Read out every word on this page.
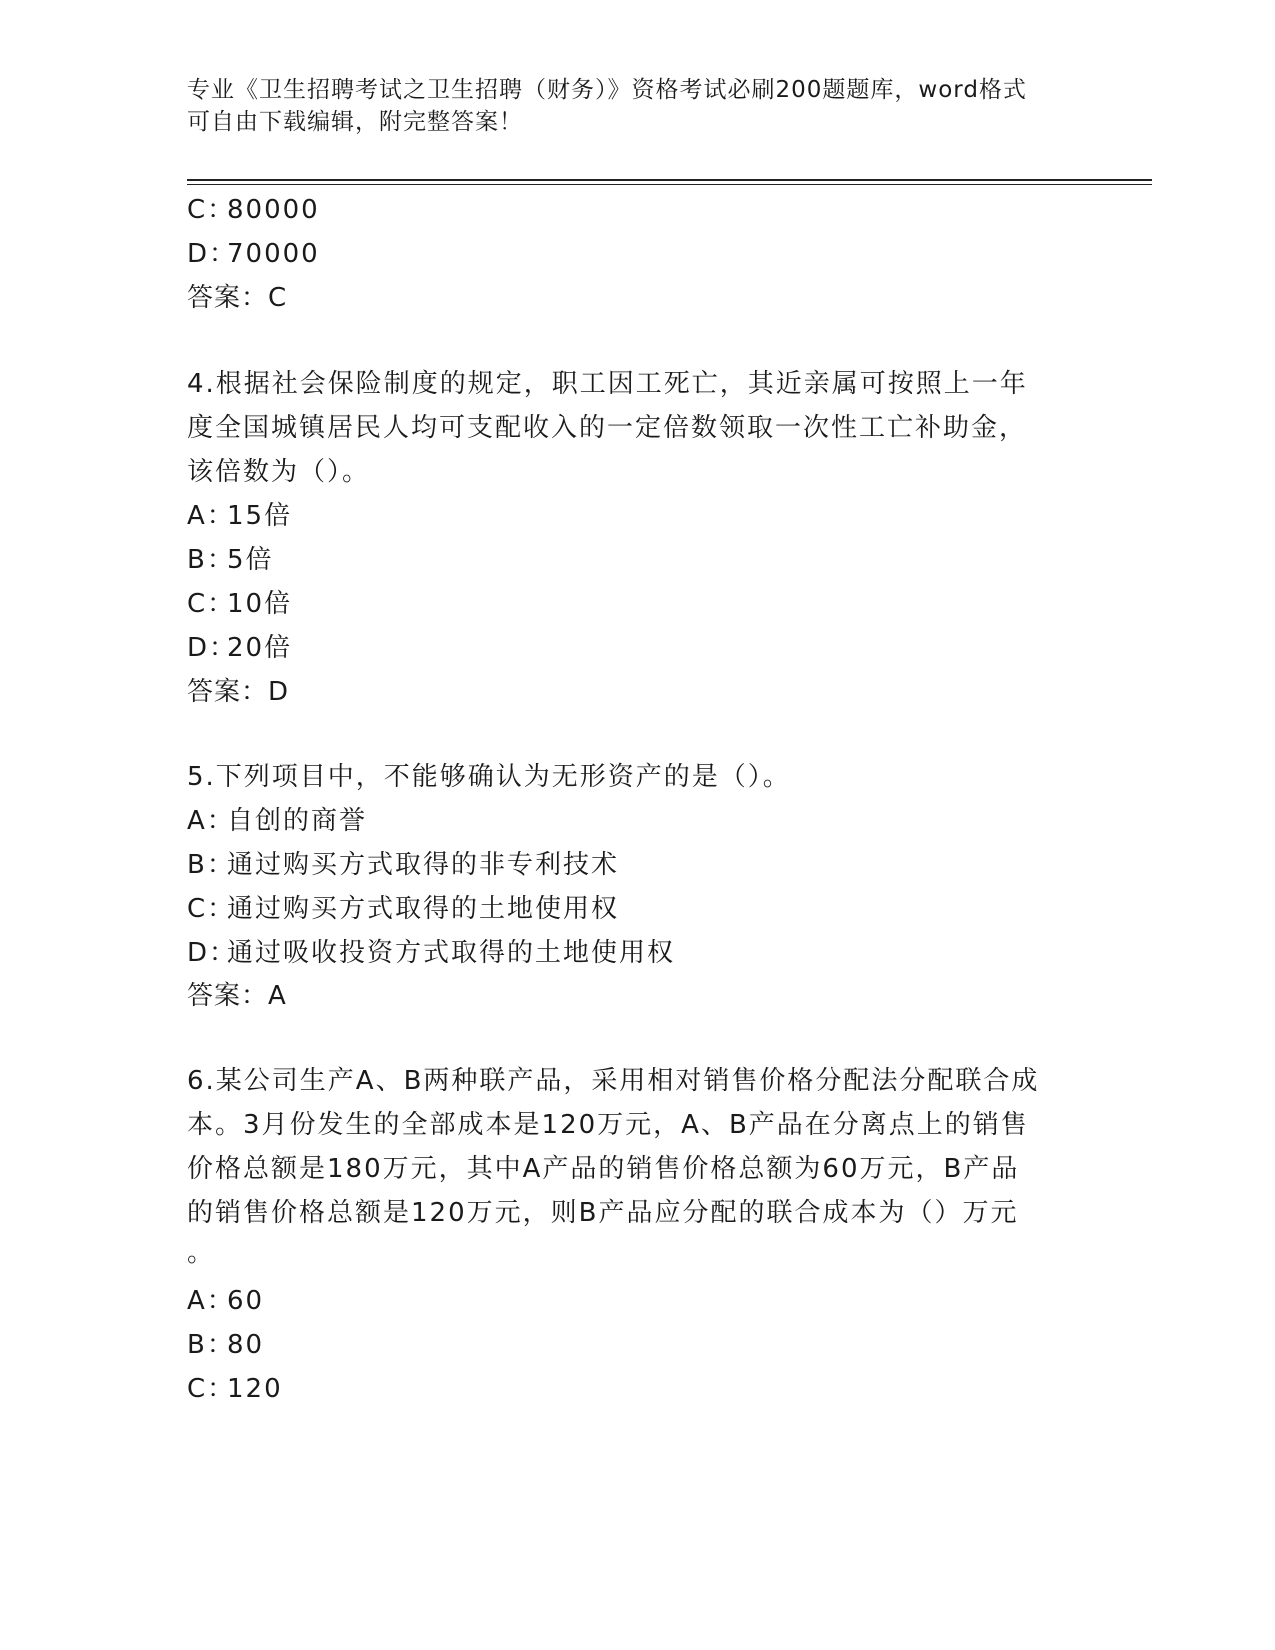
专业《卫生招聘考试之卫生招聘（财务）》资格考试必刷200题题库，word格式
可自由下载编辑，附完整答案！
C：80000
D：70000
答案：C
4.根据社会保险制度的规定，职工因工死亡，其近亲属可按照上一年
度全国城镇居民人均可支配收入的一定倍数领取一次性工亡补助金，
该倍数为（）。
A：15倍
B：5倍
C：10倍
D：20倍
答案：D
5.下列项目中，不能够确认为无形资产的是（）。
A：自创的商誉
B：通过购买方式取得的非专利技术
C：通过购买方式取得的土地使用权
D：通过吸收投资方式取得的土地使用权
答案：A
6.某公司生产A、B两种联产品，采用相对销售价格分配法分配联合成
本。3月份发生的全部成本是120万元，A、B产品在分离点上的销售
价格总额是180万元，其中A产品的销售价格总额为60万元，B产品
的销售价格总额是120万元，则B产品应分配的联合成本为（）万元
。
A：60
B：80
C：120
